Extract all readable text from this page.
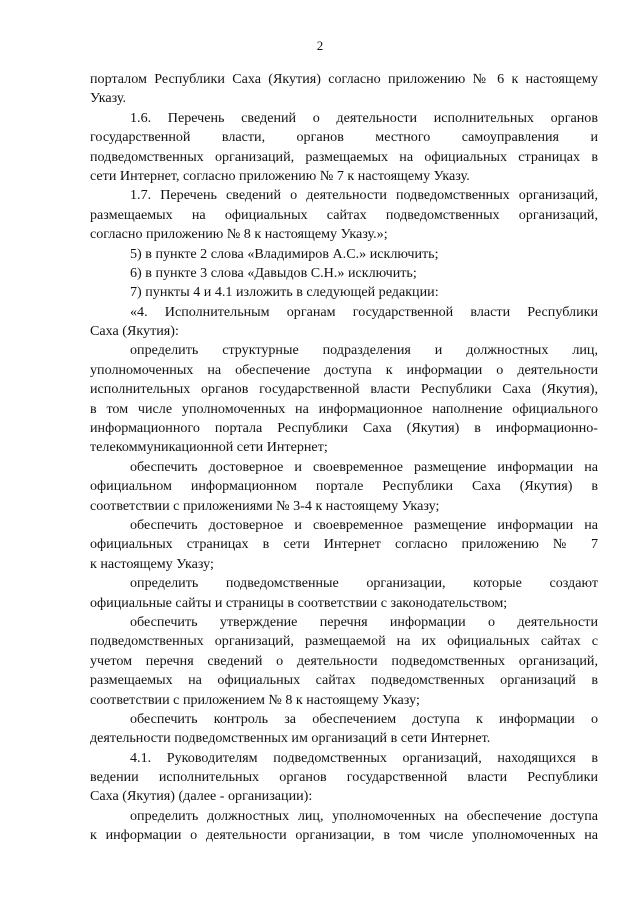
2
порталом Республики Саха (Якутия) согласно приложению № 6 к настоящему
Указу.
1.6. Перечень сведений о деятельности исполнительных органов
государственной власти, органов местного самоуправления и
подведомственных организаций, размещаемых на официальных страницах в
сети Интернет, согласно приложению № 7 к настоящему Указу.
1.7. Перечень сведений о деятельности подведомственных организаций,
размещаемых на официальных сайтах подведомственных организаций,
согласно приложению № 8 к настоящему Указу.»;
5) в пункте 2 слова «Владимиров А.С.» исключить;
6) в пункте 3 слова «Давыдов С.Н.» исключить;
7) пункты 4 и 4.1 изложить в следующей редакции:
«4. Исполнительным органам государственной власти Республики
Саха (Якутия):
определить структурные подразделения и должностных лиц,
уполномоченных на обеспечение доступа к информации о деятельности
исполнительных органов государственной власти Республики Саха (Якутия),
в том числе уполномоченных на информационное наполнение официального
информационного портала Республики Саха (Якутия) в информационно-
телекоммуникационной сети Интернет;
обеспечить достоверное и своевременное размещение информации на
официальном информационном портале Республики Саха (Якутия) в
соответствии с приложениями № 3-4 к настоящему Указу;
обеспечить достоверное и своевременное размещение информации на
официальных страницах в сети Интернет согласно приложению № 7
к настоящему Указу;
определить подведомственные организации, которые создают
официальные сайты и страницы в соответствии с законодательством;
обеспечить утверждение перечня информации о деятельности
подведомственных организаций, размещаемой на их официальных сайтах с
учетом перечня сведений о деятельности подведомственных организаций,
размещаемых на официальных сайтах подведомственных организаций в
соответствии с приложением № 8 к настоящему Указу;
обеспечить контроль за обеспечением доступа к информации о
деятельности подведомственных им организаций в сети Интернет.
4.1. Руководителям подведомственных организаций, находящихся в
ведении исполнительных органов государственной власти Республики
Саха (Якутия) (далее - организации):
определить должностных лиц, уполномоченных на обеспечение доступа
к информации о деятельности организации, в том числе уполномоченных на
